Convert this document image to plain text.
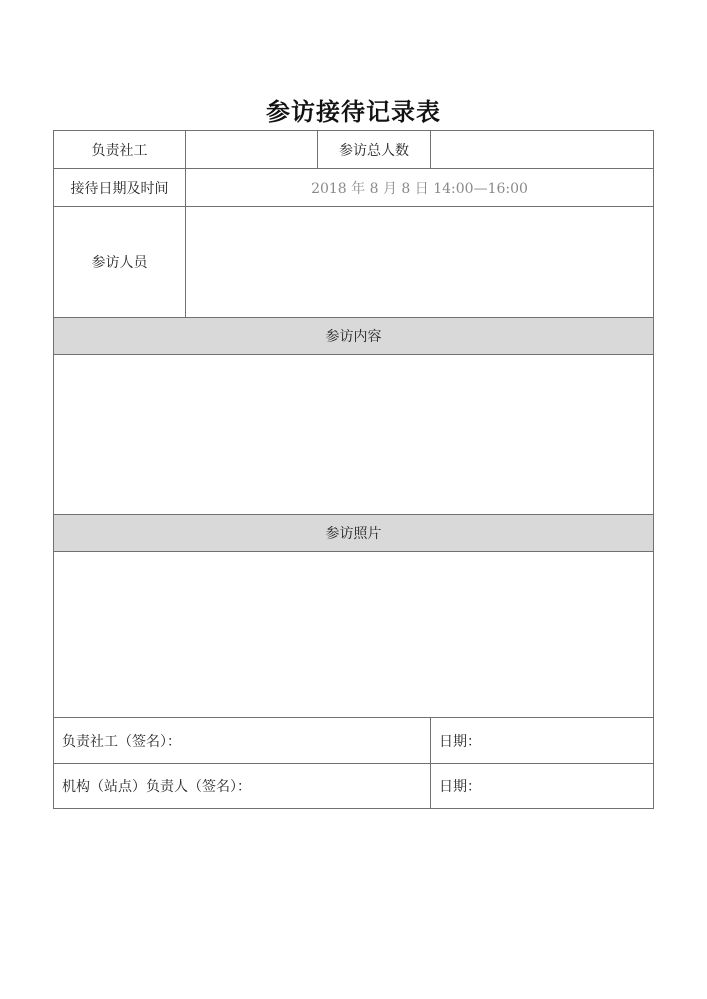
参访接待记录表
负责社工		参访总人数	
接待日期及时间	2018 年 8 月 8 日 14:00—16:00		
参访人员			
参访内容			

参访照片			

负责社工（签名）：			日期：
机构（站点）负责人（签名）：			日期：
